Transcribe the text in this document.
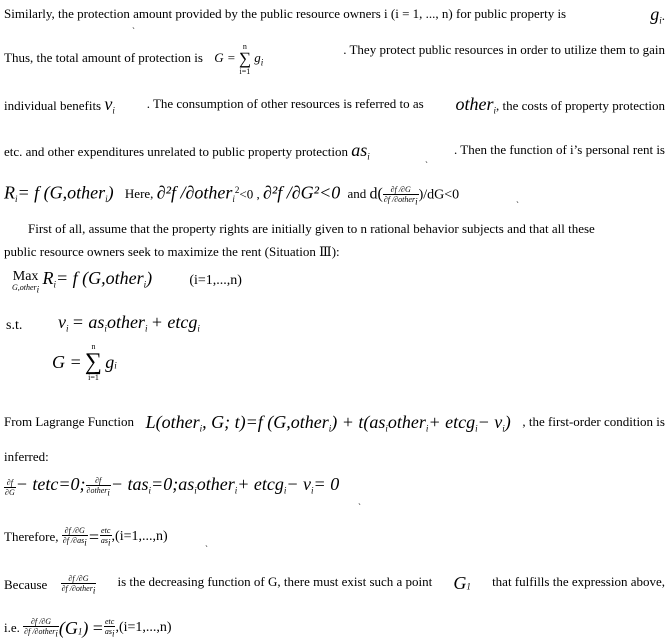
Similarly, the protection amount provided by the public resource owners i (i = 1, ..., n) for public property is	$g_i$.
Thus, the total amount of protection is G =
n
∑
i=1
$g_i$
. They protect public resources in order to utilize them to gain
individual benefits $v_i$ . The consumption of other resources is referred to as other$_i$, the costs of property protection
etc. and other expenditures unrelated to public property protection $as_i$	. Then the function of i’s personal rent is
$R_i= f$ (G,other$_i$) Here, ∂²f /∂other$_i^2$<0 , ∂²f /∂G²<0 and $d( \frac{\partial f /\partial G}{\partial f /\partial other_i} )/dG<0$
First of all, assume that the property rights are initially given to n rational behavior subjects and that all these
public resource owners seek to maximize the rent (Situation Ⅲ):
Max
G,other$_i$
$R_i= f$ (G,other$_i$)	(i=1,...,n)
s.t. $v_i$ = $as_iother_i$ + etcg$_i$
G =
n
∑
i=1
$g_i$
From Lagrange Function L(other$_i$, G; t)=f (G,other$_i$) + $t(as_iother_i+$ etcg$_i$− $v_i$) , the first-order condition is
inferred:
$\frac{\partial f}{\partial G}$ − tetc=0; $\frac{\partial f}{\partial other_i}$ − $tas_i=0;as_iother_i+$ etcg$_i$− $v_i= 0$
Therefore, $\frac{\partial f /\partial G}{\partial f /\partial as_i} = \frac{\text{etc}}{as_i} ,(i=1,...,n)$
Because $\frac{\partial f /\partial G}{\partial f /\partial other_i}$ is the decreasing function of G, there must exist such a point $G_1$ that fulfills the expression above,
i.e. $\frac{\partial f /\partial G}{\partial f /\partial other_i} (G_1) = \frac{\text{etc}}{as_i} ,(i=1,...,n)$
ˋ
ˋ
ˋ
ˋ
ˋ
